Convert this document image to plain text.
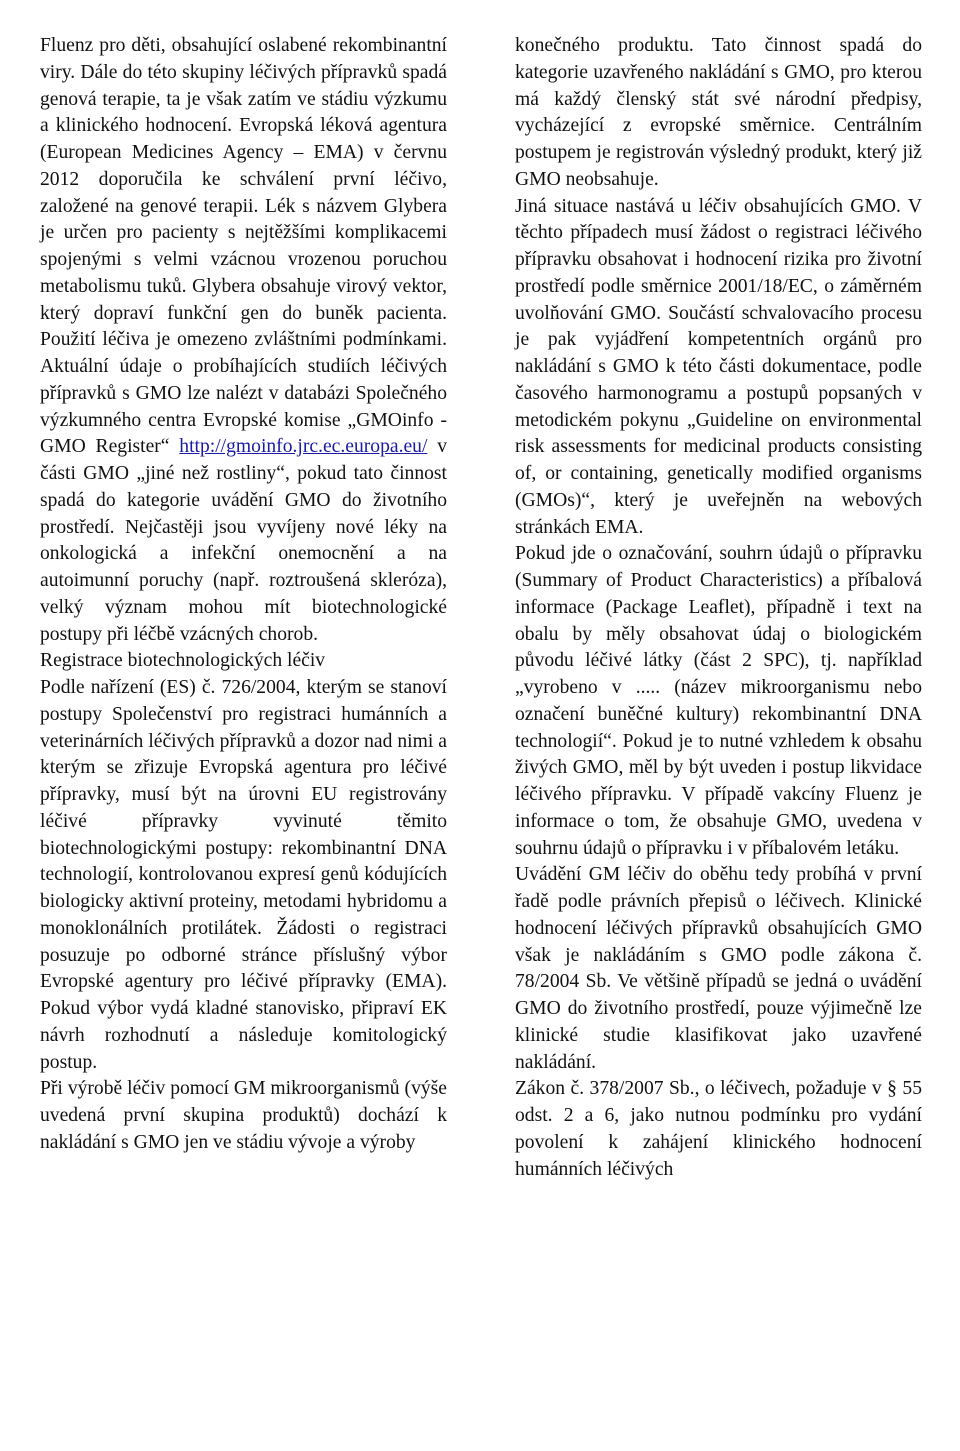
Fluenz pro děti, obsahující oslabené rekombinantní viry. Dále do této skupiny léčivých přípravků spadá genová terapie, ta je však zatím ve stádiu výzkumu a klinického hodnocení. Evropská léková agentura (European Medicines Agency – EMA) v červnu 2012 doporučila ke schválení první léčivo, založené na genové terapii. Lék s názvem Glybera je určen pro pacienty s nejtěžšími komplikacemi spojenými s velmi vzácnou vrozenou poruchou metabolismu tuků. Glybera obsahuje virový vektor, který dopraví funkční gen do buněk pacienta. Použití léčiva je omezeno zvláštními podmínkami. Aktuální údaje o probíhajících studiích léčivých přípravků s GMO lze nalézt v databázi Společného výzkumného centra Evropské komise „GMOinfo - GMO Register“ http://gmoinfo.jrc.ec.europa.eu/ v části GMO „jiné než rostliny“, pokud tato činnost spadá do kategorie uvádění GMO do životního prostředí. Nejčastěji jsou vyvíjeny nové léky na onkologická a infekční onemocnění a na autoimunní poruchy (např. roztroušená skleróza), velký význam mohou mít biotechnologické postupy při léčbě vzácných chorob.

Registrace biotechnologických léčiv

Podle nařízení (ES) č. 726/2004, kterým se stanoví postupy Společenství pro registraci humánních a veterinárních léčivých přípravků a dozor nad nimi a kterým se zřizuje Evropská agentura pro léčivé přípravky, musí být na úrovni EU registrovány léčivé přípravky vyvinuté těmito biotechnologickými postupy: rekombinantní DNA technologií, kontrolovanou expresí genů kódujících biologicky aktivní proteiny, metodami hybridomu a monoklonálních protilátek. Žádosti o registraci posuzuje po odborné stránce příslušný výbor Evropské agentury pro léčivé přípravky (EMA). Pokud výbor vydá kladné stanovisko, připraví EK návrh rozhodnutí a následuje komitologický postup.

Při výrobě léčiv pomocí GM mikroorganismů (výše uvedená první skupina produktů) dochází k nakládání s GMO jen ve stádiu vývoje a výroby

konečného produktu. Tato činnost spadá do kategorie uzavřeného nakládání s GMO, pro kterou má každý členský stát své národní předpisy, vycházející z evropské směrnice. Centrálním postupem je registrován výsledný produkt, který již GMO neobsahuje.

Jiná situace nastává u léčiv obsahujících GMO. V těchto případech musí žádost o registraci léčivého přípravku obsahovat i hodnocení rizika pro životní prostředí podle směrnice 2001/18/EC, o záměrném uvolňování GMO. Součástí schvalovacího procesu je pak vyjádření kompetentních orgánů pro nakládání s GMO k této části dokumentace, podle časového harmonogramu a postupů popsaných v metodickém pokynu „Guideline on environmental risk assessments for medicinal products consisting of, or containing, genetically modified organisms (GMOs)“, který je uveřejněn na webových stránkách EMA.

Pokud jde o označování, souhrn údajů o přípravku (Summary of Product Characteristics) a příbalová informace (Package Leaflet), případně i text na obalu by měly obsahovat údaj o biologickém původu léčivé látky (část 2 SPC), tj. například „vyrobeno v ..... (název mikroorganismu nebo označení buněčné kultury) rekombinantní DNA technologií“. Pokud je to nutné vzhledem k obsahu živých GMO, měl by být uveden i postup likvidace léčivého přípravku. V případě vakcíny Fluenz je informace o tom, že obsahuje GMO, uvedena v souhrnu údajů o přípravku i v příbalovém letáku.

Uvádění GM léčiv do oběhu tedy probíhá v první řadě podle právních přepisů o léčivech. Klinické hodnocení léčivých přípravků obsahujících GMO však je nakládáním s GMO podle zákona č. 78/2004 Sb. Ve většině případů se jedná o uvádění GMO do životního prostředí, pouze výjimečně lze klinické studie klasifikovat jako uzavřené nakládání.

Zákon č. 378/2007 Sb., o léčivech, požaduje v § 55 odst. 2 a 6, jako nutnou podmínku pro vydání povolení k zahájení klinického hodnocení humánních léčivých
